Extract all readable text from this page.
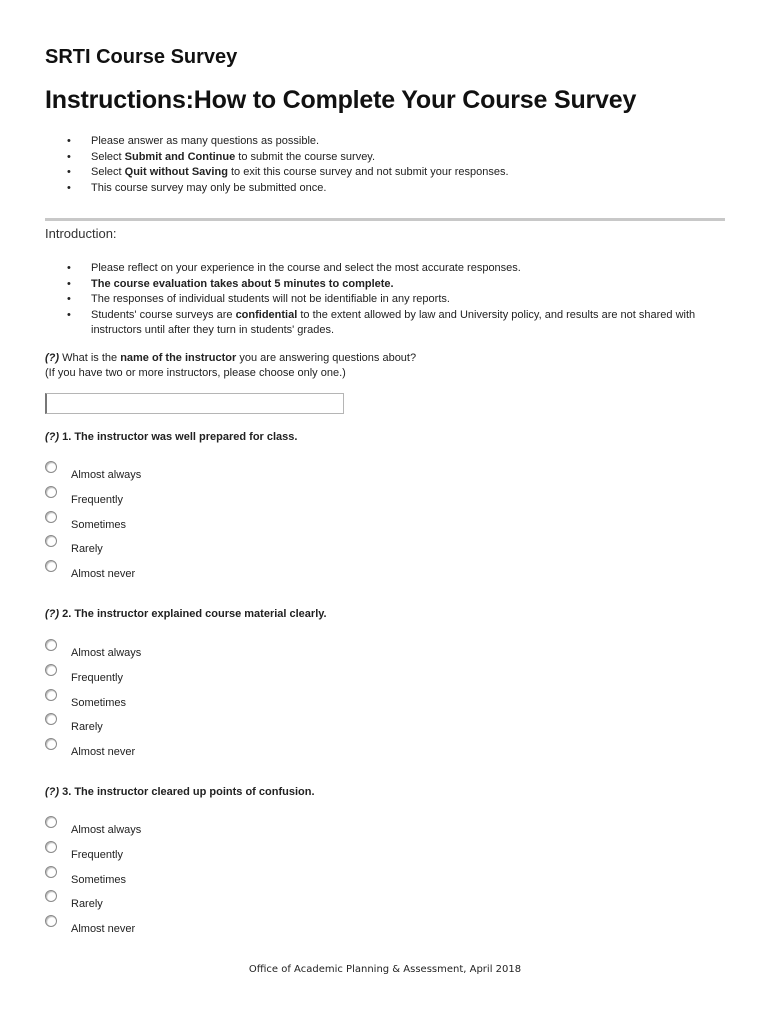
SRTI Course Survey
Instructions:How to Complete Your Course Survey
• Please answer as many questions as possible.
• Select Submit and Continue to submit the course survey.
• Select Quit without Saving to exit this course survey and not submit your responses.
• This course survey may only be submitted once.
Introduction:
• Please reflect on your experience in the course and select the most accurate responses.
• The course evaluation takes about 5 minutes to complete.
• The responses of individual students will not be identifiable in any reports.
• Students' course surveys are confidential to the extent allowed by law and University policy, and results are not shared with instructors until after they turn in students' grades.
(?) What is the name of the instructor you are answering questions about?
(If you have two or more instructors, please choose only one.)
(?) 1. The instructor was well prepared for class.
Almost always
Frequently
Sometimes
Rarely
Almost never
(?) 2. The instructor explained course material clearly.
Almost always
Frequently
Sometimes
Rarely
Almost never
(?) 3. The instructor cleared up points of confusion.
Almost always
Frequently
Sometimes
Rarely
Almost never
Office of Academic Planning & Assessment, April 2018
